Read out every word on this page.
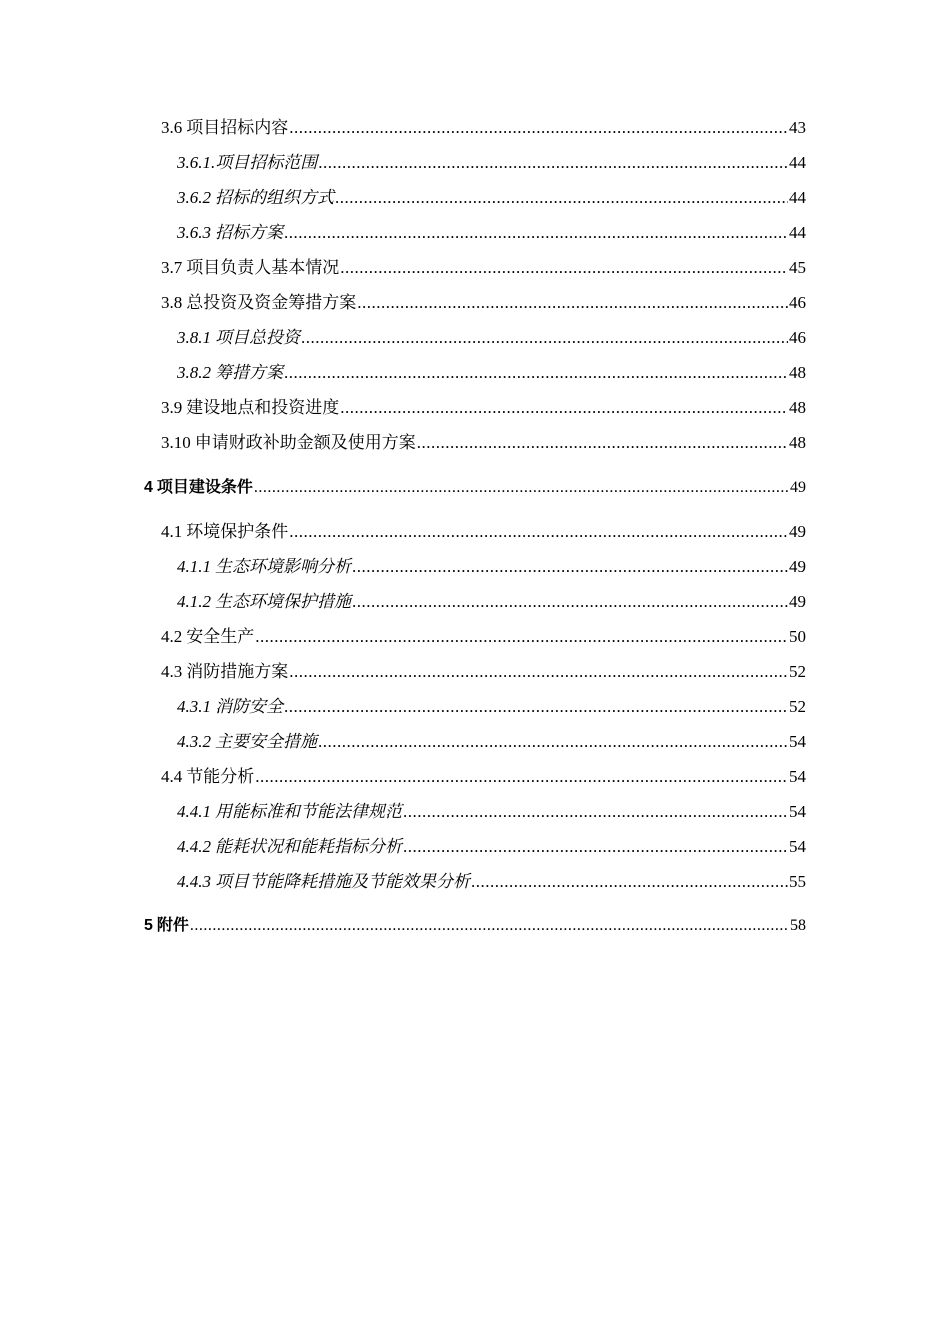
3.6 项目招标内容 .....	43
3.6.1. 项目招标范围 .....	44
3.6.2 招标的组织方式 .....	44
3.6.3 招标方案 .....	44
3.7 项目负责人基本情况 .....	45
3.8 总投资及资金筹措方案 .....	46
3.8.1 项目总投资 .....	46
3.8.2 筹措方案 .....	48
3.9 建设地点和投资进度 .....	48
3.10 申请财政补助金额及使用方案 .....	48
4 项目建设条件 .....	49
4.1 环境保护条件 .....	49
4.1.1 生态环境影响分析 .....	49
4.1.2 生态环境保护措施 .....	49
4.2 安全生产 .....	50
4.3 消防措施方案 .....	52
4.3.1 消防安全 .....	52
4.3.2 主要安全措施 .....	54
4.4 节能分析 .....	54
4.4.1 用能标准和节能法律规范 .....	54
4.4.2 能耗状况和能耗指标分析 .....	54
4.4.3 项目节能降耗措施及节能效果分析 .....	55
5 附件 .....	58
